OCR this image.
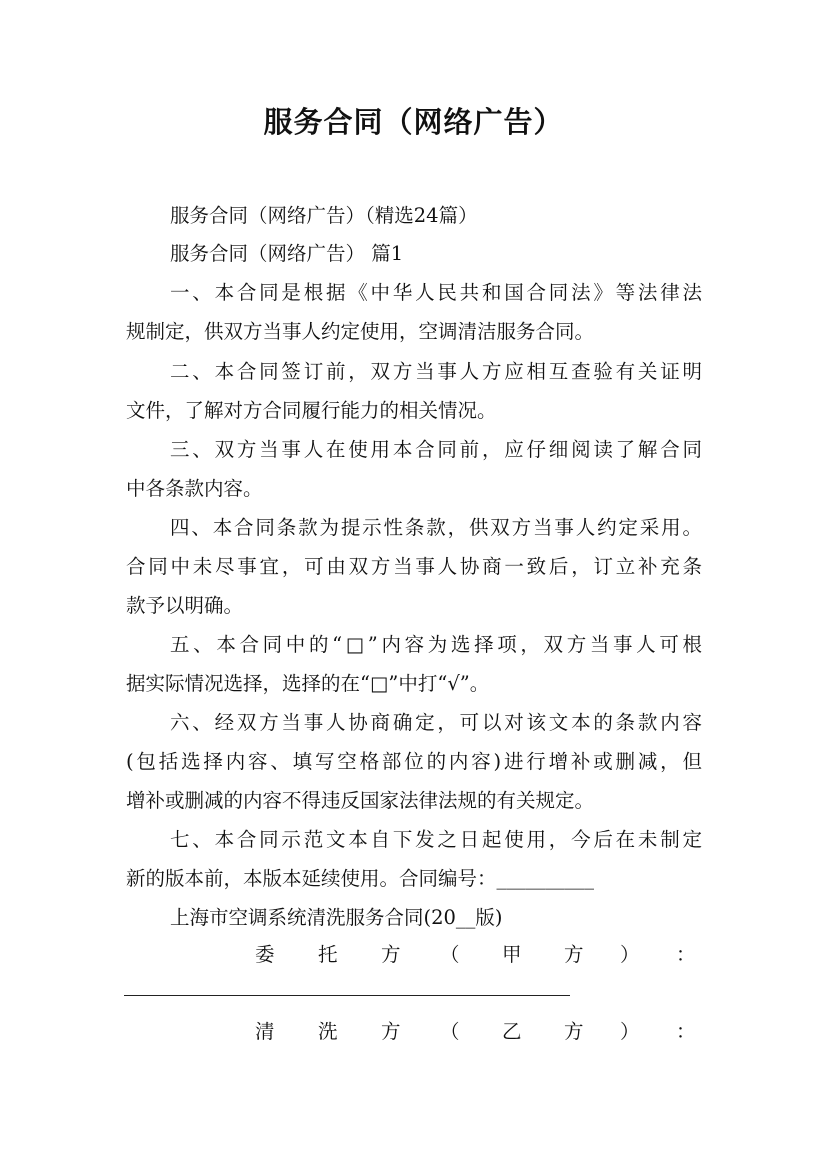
服务合同（网络广告）
服务合同（网络广告）（精选24篇）
服务合同（网络广告） 篇1
一、本合同是根据《中华人民共和国合同法》等法律法
规制定，供双方当事人约定使用，空调清洁服务合同。
二、本合同签订前，双方当事人方应相互查验有关证明
文件，了解对方合同履行能力的相关情况。
三、双方当事人在使用本合同前，应仔细阅读了解合同
中各条款内容。
四、本合同条款为提示性条款，供双方当事人约定采用。
合同中未尽事宜，可由双方当事人协商一致后，订立补充条
款予以明确。
五、本合同中的“□”内容为选择项，双方当事人可根
据实际情况选择，选择的在“□”中打“√”。
六、经双方当事人协商确定，可以对该文本的条款内容
(包括选择内容、填写空格部位的内容)进行增补或删减，但
增补或删减的内容不得违反国家法律法规的有关规定。
七、本合同示范文本自下发之日起使用，今后在未制定
新的版本前，本版本延续使用。合同编号：__________
上海市空调系统清洗服务合同(20__版)
委 托 方 （ 甲 方 ） ：
清 洗 方 （ 乙 方 ） ：
